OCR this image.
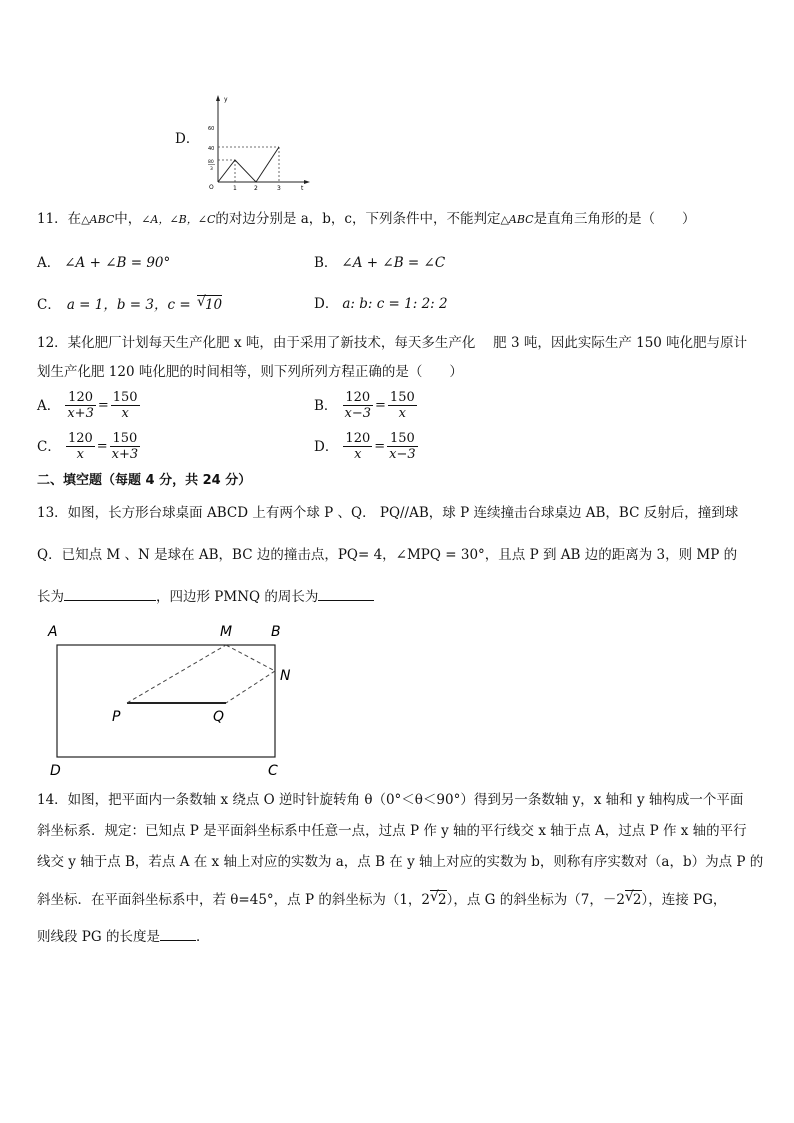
D．
y
t
O
60
40
80
3
1	2	3
11．在△ABC中，∠A，∠B，∠C的对边分别是 a，b，c，下列条件中，不能判定△ABC是直角三角形的是（　　）
A． ∠A + ∠B = 90°	B． ∠A + ∠B = ∠C
C． a = 1，b = 3，c = √ 10	D． a: b: c = 1: 2: 2
12．某化肥厂计划每天生产化肥 x 吨，由于采用了新技术，每天多生产化　 肥 3 吨，因此实际生产 150 吨化肥与原计
划生产化肥 120 吨化肥的时间相等，则下列所列方程正确的是（　　）
A． $\frac{120}{x+3} = \frac{150}{x}$	B． $\frac{120}{x-3} = \frac{150}{x}$
C． $\frac{120}{x} = \frac{150}{x+3}$	D． $\frac{120}{x} = \frac{150}{x-3}$
二、填空题（每题 4 分，共 24 分）
13．如图，长方形台球桌面 ABCD 上有两个球 P 、Q． PQ//AB，球 P 连续撞击台球桌边 AB，BC 反射后，撞到球
Q．已知点 M 、N 是球在 AB，BC 边的撞击点，PQ= 4，∠MPQ = 30°，且点 P 到 AB 边的距离为 3，则 MP 的
长为	，四边形 PMNQ 的周长为
A	M	B
N
P	Q
D	C
14．如图，把平面内一条数轴 x 绕点 O 逆时针旋转角 θ（0°＜θ＜90°）得到另一条数轴 y，x 轴和 y 轴构成一个平面
斜坐标系．规定：已知点 P 是平面斜坐标系中任意一点，过点 P 作 y 轴的平行线交 x 轴于点 A，过点 P 作 x 轴的平行
线交 y 轴于点 B，若点 A 在 x 轴上对应的实数为 a，点 B 在 y 轴上对应的实数为 b，则称有序实数对（a，b）为点 P 的
斜坐标．在平面斜坐标系中，若 θ=45°，点 P 的斜坐标为（1，2 √ 2），点 G 的斜坐标为（7，－2 √ 2），连接 PG，
则线段 PG 的长度是	．
